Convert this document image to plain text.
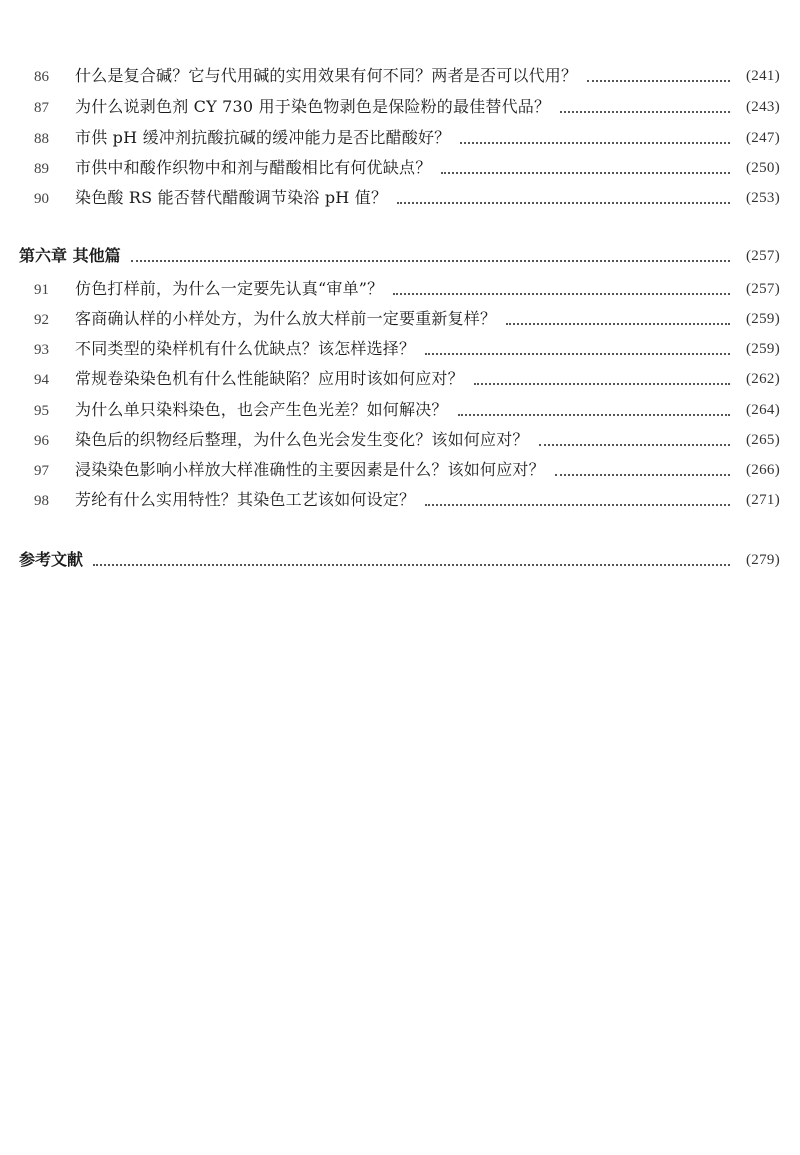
86 什么是复合碱？它与代用碱的实用效果有何不同？两者是否可以代用？	(241)
87 为什么说剥色剂 CY 730 用于染色物剥色是保险粉的最佳替代品？	(243)
88 市供 pH 缓冲剂抗酸抗碱的缓冲能力是否比醋酸好？	(247)
89 市供中和酸作织物中和剂与醋酸相比有何优缺点？	(250)
90 染色酸 RS 能否替代醋酸调节染浴 pH 值？	(253)
第六章 其他篇	(257)
91 仿色打样前，为什么一定要先认真“审单”？	(257)
92 客商确认样的小样处方，为什么放大样前一定要重新复样？	(259)
93 不同类型的染样机有什么优缺点？该怎样选择？	(259)
94 常规卷染染色机有什么性能缺陷？应用时该如何应对？	(262)
95 为什么单只染料染色，也会产生色光差？如何解决？	(264)
96 染色后的织物经后整理，为什么色光会发生变化？该如何应对？	(265)
97 浸染染色影响小样放大样准确性的主要因素是什么？该如何应对？	(266)
98 芳纶有什么实用特性？其染色工艺该如何设定？	(271)
参考文献	(279)
